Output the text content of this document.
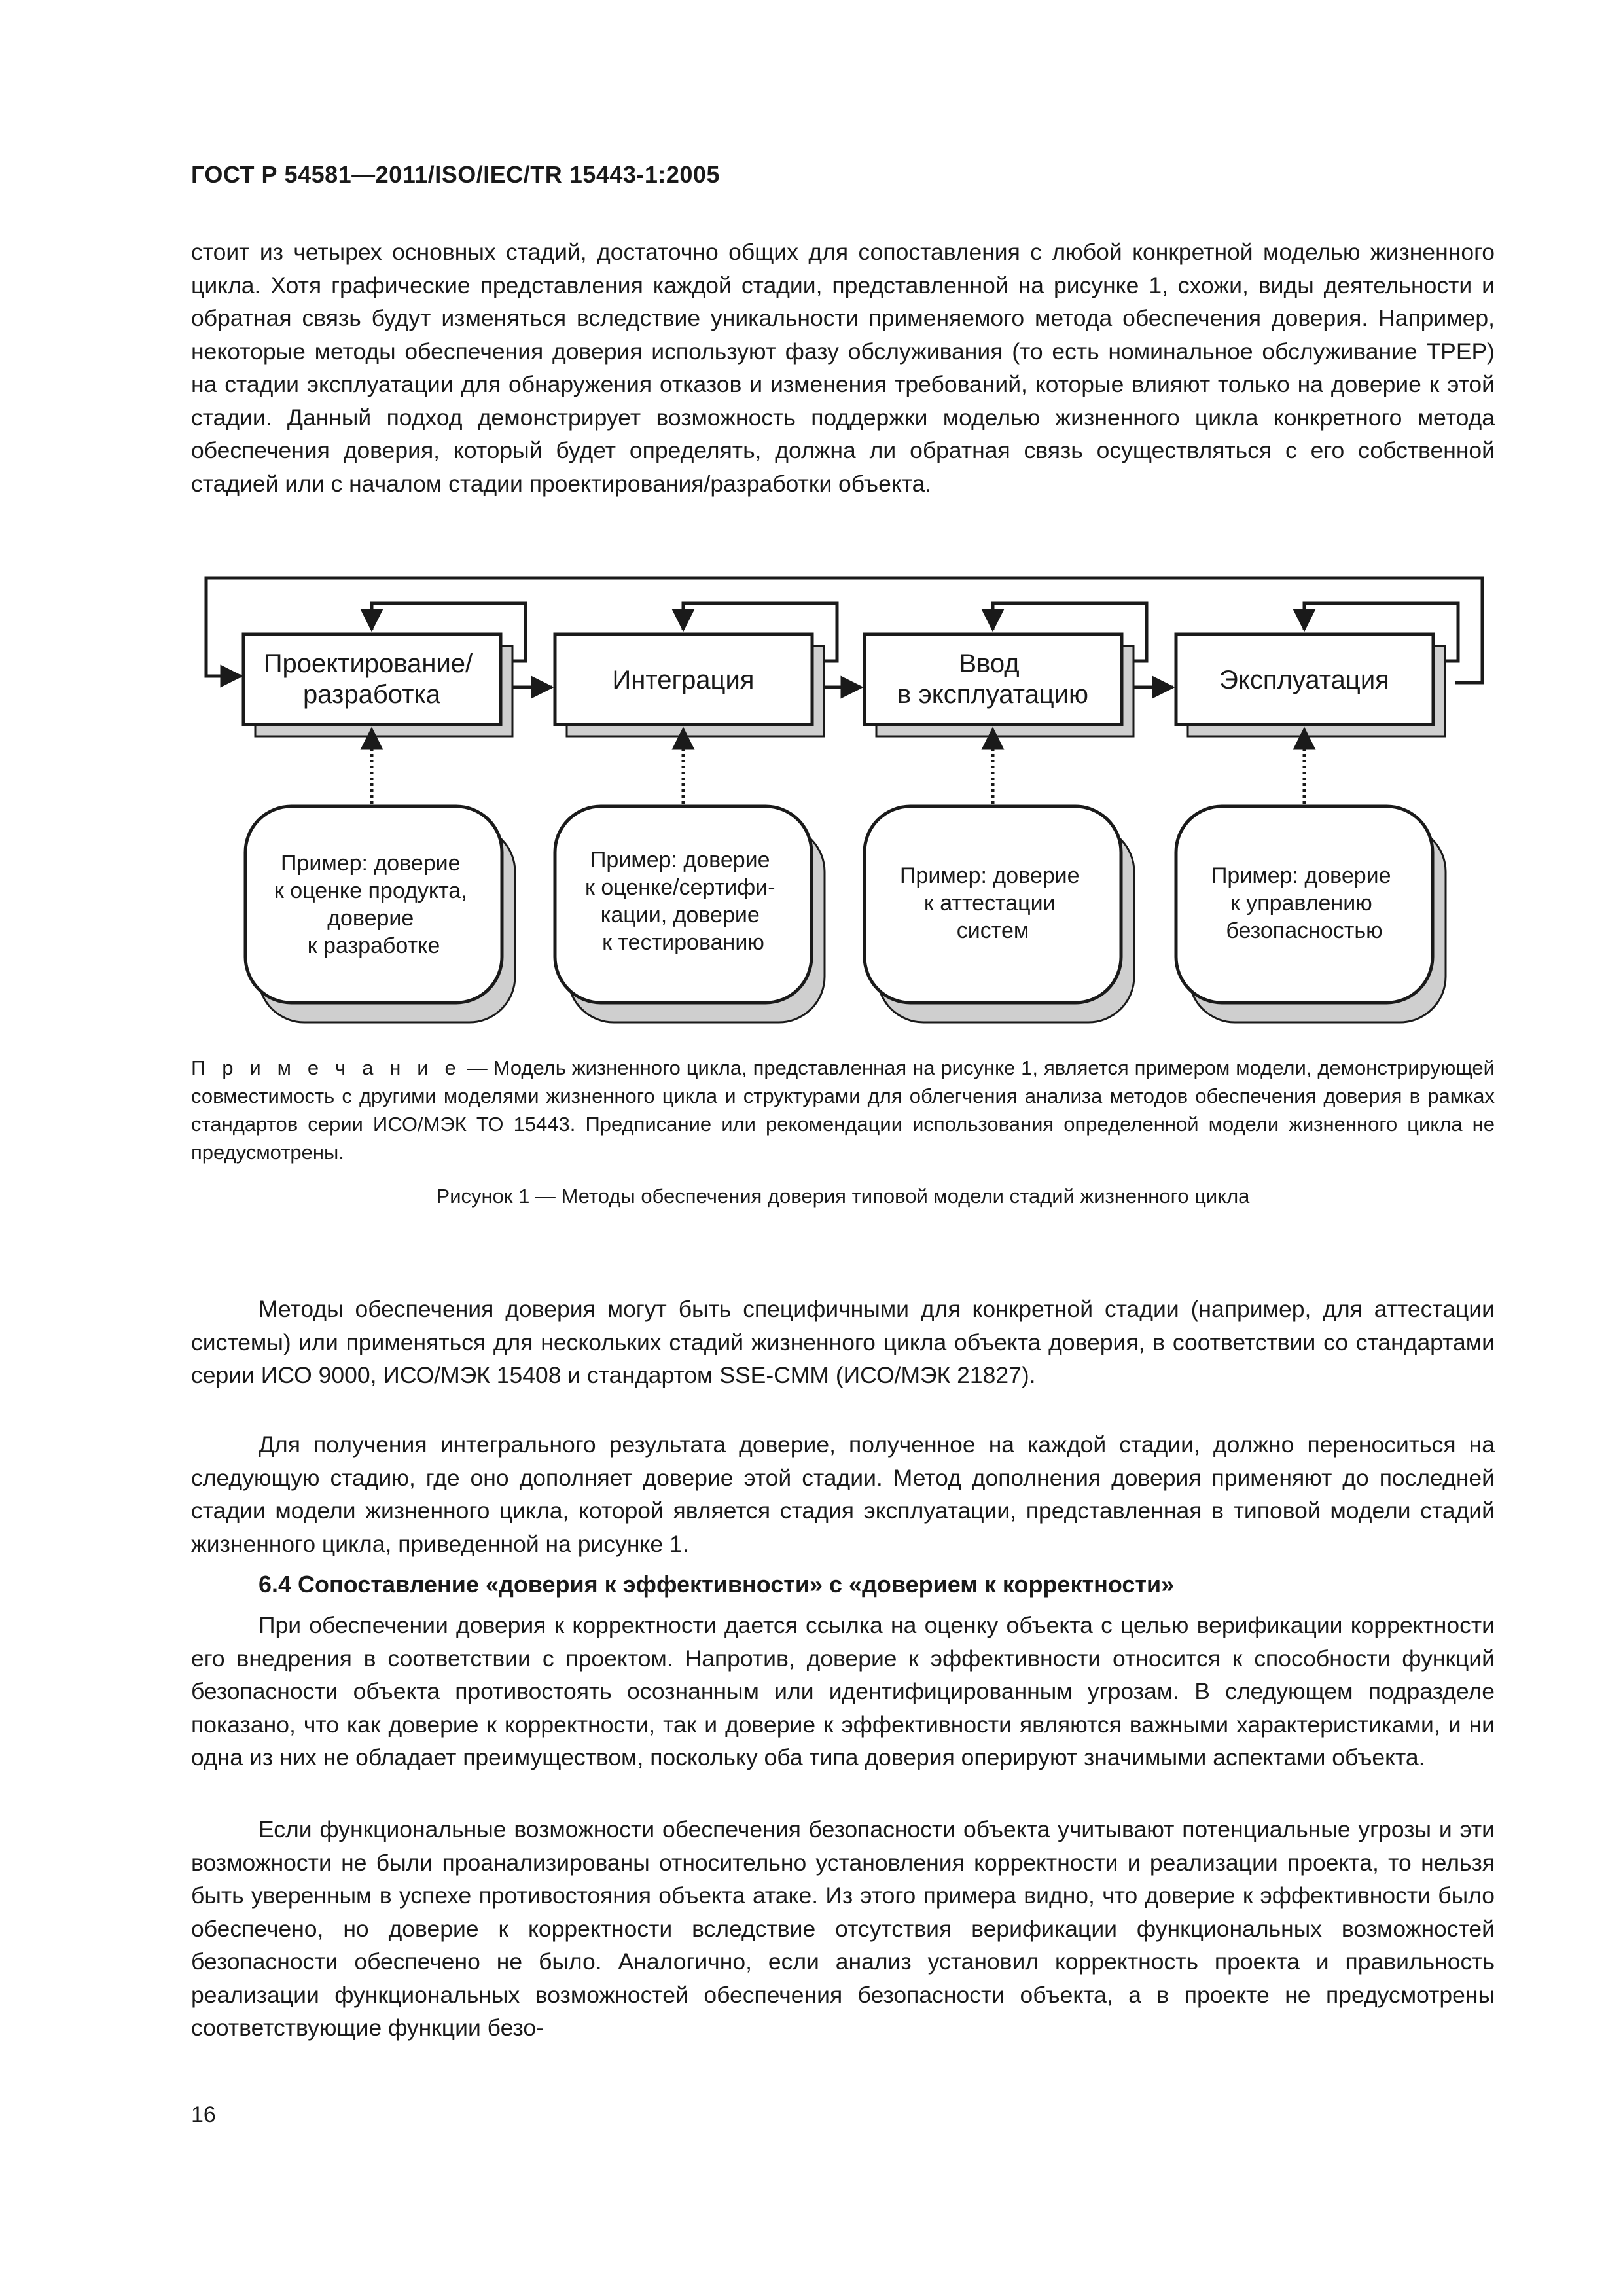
ГОСТ Р 54581—2011/ISO/IEC/TR 15443-1:2005

стоит из четырех основных стадий, достаточно общих для сопоставления с любой конкретной моделью жизненного цикла. Хотя графические представления каждой стадии, представленной на рисунке 1, схожи, виды деятельности и обратная связь будут изменяться вследствие уникальности применяемого метода обеспечения доверия. Например, некоторые методы обеспечения доверия используют фазу обслуживания (то есть номинальное обслуживание TPEP) на стадии эксплуатации для обнаружения отказов и изменения требований, которые влияют только на доверие к этой стадии. Данный подход демонстрирует возможность поддержки моделью жизненного цикла конкретного метода обеспечения доверия, который будет определять, должна ли обратная связь осуществляться с его собственной стадией или с началом стадии проектирования/разработки объекта.

Проектирование/ разработка	Интеграция
Ввод в эксплуатацию	Эксплуатация
Пример: доверие к оценке продукта, доверие к разработке
Пример: доверие к оценке/сертифи- кации, доверие к тестированию
Пример: доверие к аттестации систем
Пример: доверие к управлению безопасностью

П р и м е ч а н и е — Модель жизненного цикла, представленная на рисунке 1, является примером модели, демонстрирующей совместимость с другими моделями жизненного цикла и структурами для облегчения анализа методов обеспечения доверия в рамках стандартов серии ИСО/МЭК ТО 15443. Предписание или рекомендации использования определенной модели жизненного цикла не предусмотрены.

Рисунок 1 — Методы обеспечения доверия типовой модели стадий жизненного цикла

Методы обеспечения доверия могут быть специфичными для конкретной стадии (например, для аттестации системы) или применяться для нескольких стадий жизненного цикла объекта доверия, в соответствии со стандартами серии ИСО 9000, ИСО/МЭК 15408 и стандартом SSE-CMM (ИСО/МЭК 21827).

Для получения интегрального результата доверие, полученное на каждой стадии, должно переноситься на следующую стадию, где оно дополняет доверие этой стадии. Метод дополнения доверия применяют до последней стадии модели жизненного цикла, которой является стадия эксплуатации, представленная в типовой модели стадий жизненного цикла, приведенной на рисунке 1.

6.4 Сопоставление «доверия к эффективности» с «доверием к корректности»

При обеспечении доверия к корректности дается ссылка на оценку объекта с целью верификации корректности его внедрения в соответствии с проектом. Напротив, доверие к эффективности относится к способности функций безопасности объекта противостоять осознанным или идентифицированным угрозам. В следующем подразделе показано, что как доверие к корректности, так и доверие к эффективности являются важными характеристиками, и ни одна из них не обладает преимуществом, поскольку оба типа доверия оперируют значимыми аспектами объекта.

Если функциональные возможности обеспечения безопасности объекта учитывают потенциальные угрозы и эти возможности не были проанализированы относительно установления корректности и реализации проекта, то нельзя быть уверенным в успехе противостояния объекта атаке. Из этого примера видно, что доверие к эффективности было обеспечено, но доверие к корректности вследствие отсутствия верификации функциональных возможностей безопасности обеспечено не было. Аналогично, если анализ установил корректность проекта и правильность реализации функциональных возможностей обеспечения безопасности объекта, а в проекте не предусмотрены соответствующие функции безо-

16
